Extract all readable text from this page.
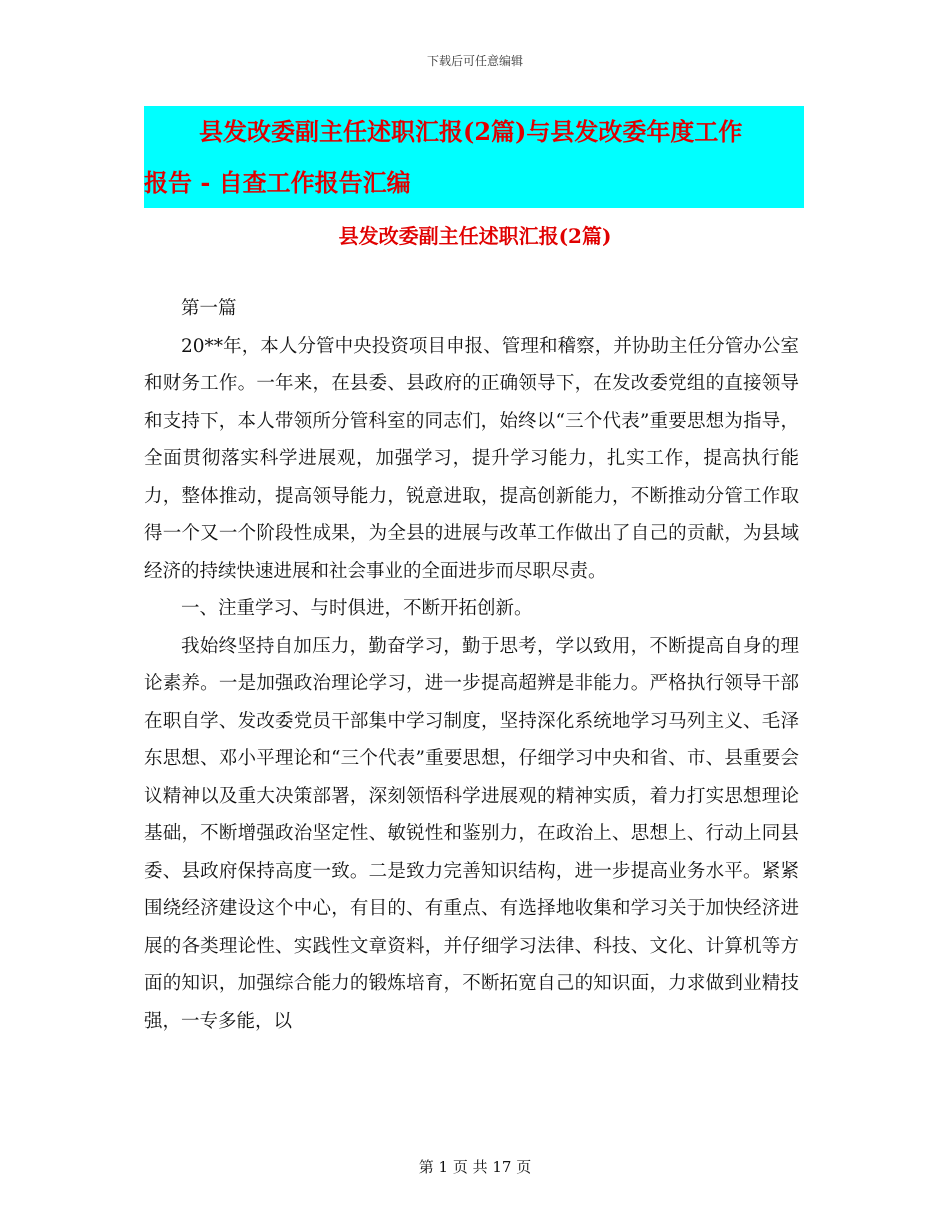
下载后可任意编辑
县发改委副主任述职汇报(2篇)与县发改委年度工作
报告 - 自查工作报告汇编
县发改委副主任述职汇报(2篇)

第一篇

20**年，本人分管中央投资项目申报、管理和稽察，并协助主任分管办公室和财务工作。一年来，在县委、县政府的正确领导下，在发改委党组的直接领导和支持下，本人带领所分管科室的同志们，始终以“三个代表”重要思想为指导，全面贯彻落实科学进展观，加强学习，提升学习能力，扎实工作，提高执行能力，整体推动，提高领导能力，锐意进取，提高创新能力，不断推动分管工作取得一个又一个阶段性成果，为全县的进展与改革工作做出了自己的贡献，为县域经济的持续快速进展和社会事业的全面进步而尽职尽责。

一、注重学习、与时俱进，不断开拓创新。

我始终坚持自加压力，勤奋学习，勤于思考，学以致用，不断提高自身的理论素养。一是加强政治理论学习，进一步提高超辨是非能力。严格执行领导干部在职自学、发改委党员干部集中学习制度，坚持深化系统地学习马列主义、毛泽东思想、邓小平理论和“三个代表”重要思想，仔细学习中央和省、市、县重要会议精神以及重大决策部署，深刻领悟科学进展观的精神实质，着力打实思想理论基础，不断增强政治坚定性、敏锐性和鉴别力，在政治上、思想上、行动上同县委、县政府保持高度一致。二是致力完善知识结构，进一步提高业务水平。紧紧围绕经济建设这个中心，有目的、有重点、有选择地收集和学习关于加快经济进展的各类理论性、实践性文章资料，并仔细学习法律、科技、文化、计算机等方面的知识，加强综合能力的锻炼培育，不断拓宽自己的知识面，力求做到业精技强，一专多能，以

第 1 页 共 17 页
